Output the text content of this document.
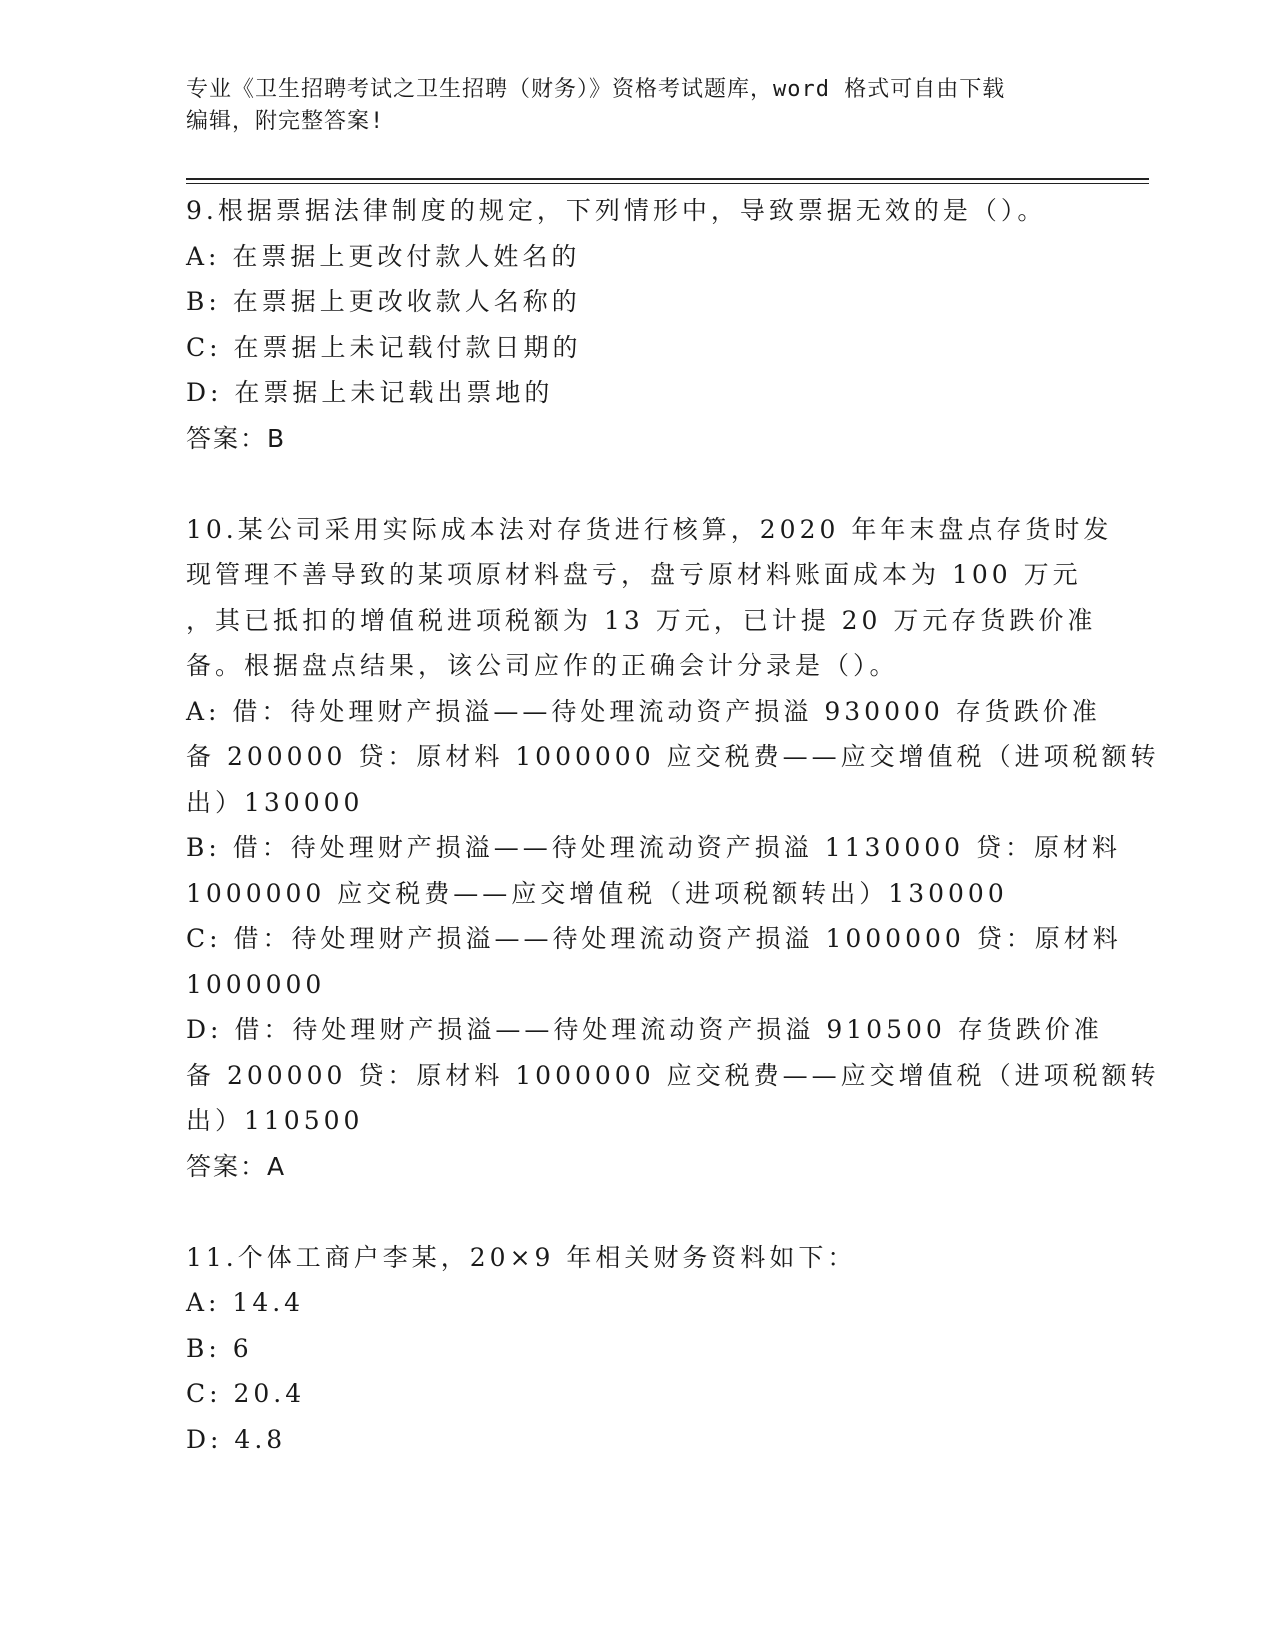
专业《卫生招聘考试之卫生招聘（财务）》资格考试题库，word 格式可自由下载
编辑，附完整答案!
9.根据票据法律制度的规定，下列情形中，导致票据无效的是（）。
A: 在票据上更改付款人姓名的
B: 在票据上更改收款人名称的
C: 在票据上未记载付款日期的
D: 在票据上未记载出票地的
答案：B
10.某公司采用实际成本法对存货进行核算，2020 年年末盘点存货时发
现管理不善导致的某项原材料盘亏，盘亏原材料账面成本为 100 万元
，其已抵扣的增值税进项税额为 13 万元，已计提 20 万元存货跌价准
备。根据盘点结果，该公司应作的正确会计分录是（）。
A: 借：待处理财产损溢——待处理流动资产损溢 930000 存货跌价准
备 200000 贷：原材料 1000000 应交税费——应交增值税（进项税额转
出）130000
B: 借：待处理财产损溢——待处理流动资产损溢 1130000 贷：原材料
1000000 应交税费——应交增值税（进项税额转出）130000
C: 借：待处理财产损溢——待处理流动资产损溢 1000000 贷：原材料
1000000
D: 借：待处理财产损溢——待处理流动资产损溢 910500 存货跌价准
备 200000 贷：原材料 1000000 应交税费——应交增值税（进项税额转
出）110500
答案：A
11.个体工商户李某，20×9 年相关财务资料如下：
A: 14.4
B: 6
C: 20.4
D: 4.8
